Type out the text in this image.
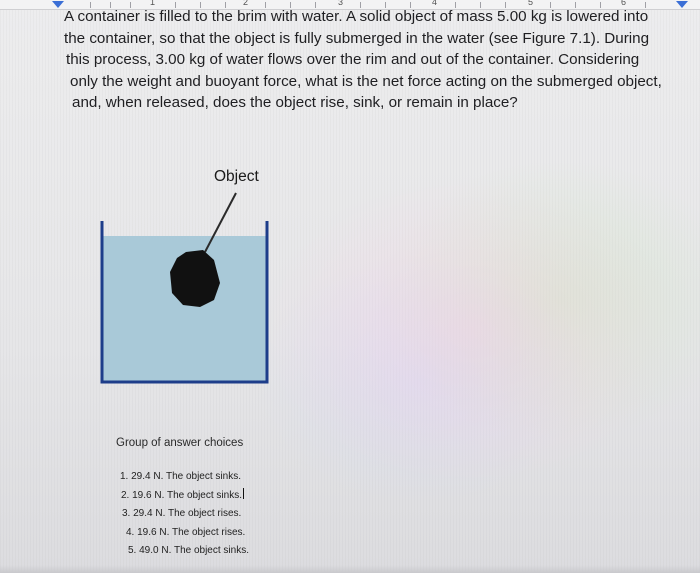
1	2	3	4	5	6
A container is filled to the brim with water. A solid object of mass 5.00 kg is lowered into
the container, so that the object is fully submerged in the water (see Figure 7.1). During
this process, 3.00 kg of water flows over the rim and out of the container. Considering
only the weight and buoyant force, what is the net force acting on the submerged object,
and, when released, does the object rise, sink, or remain in place?
Object
Group of answer choices
1. 29.4 N. The object sinks.
2. 19.6 N. The object sinks.
3. 29.4 N. The object rises.
4. 19.6 N. The object rises.
5. 49.0 N. The object sinks.
